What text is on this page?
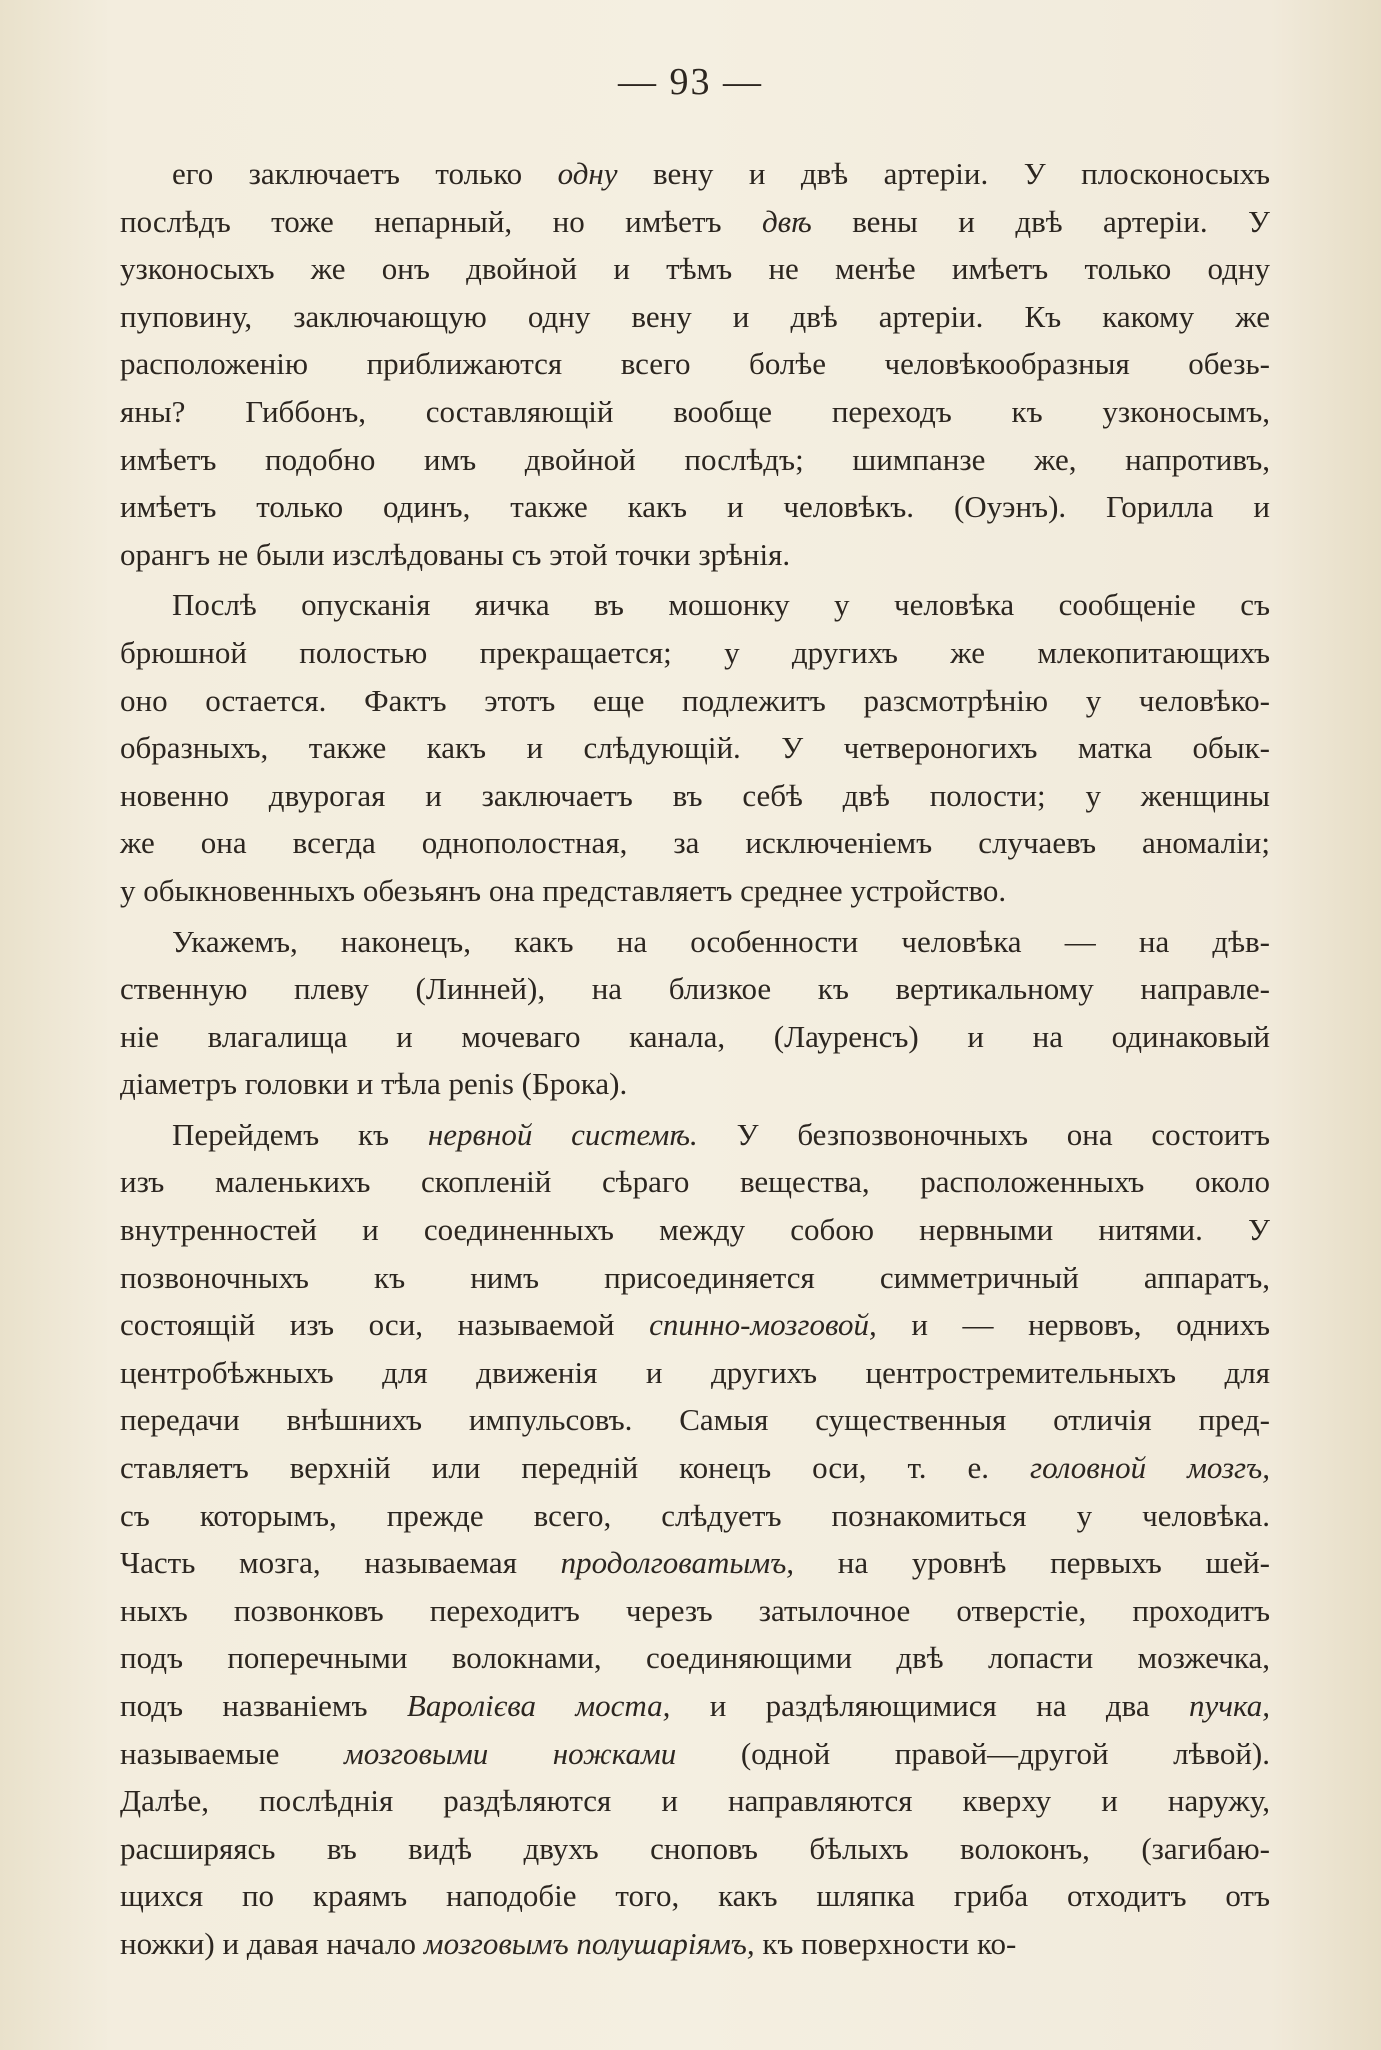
— 93 —
его заключаетъ только одну вену и двѣ артеріи. У плосконосыхъ
послѣдъ тоже непарный, но имѣетъ двѣ вены и двѣ артеріи. У
узконосыхъ же онъ двойной и тѣмъ не менѣе имѣетъ только одну
пуповину, заключающую одну вену и двѣ артеріи. Къ какому же
расположенію приближаются всего болѣе человѣкообразныя обезь-
яны? Гиббонъ, составляющій вообще переходъ къ узконосымъ,
имѣетъ подобно имъ двойной послѣдъ; шимпанзе же, напротивъ,
имѣетъ только одинъ, также какъ и человѣкъ. (Оуэнъ). Горилла и
орангъ не были изслѣдованы съ этой точки зрѣнія.
Послѣ опусканія яичка въ мошонку у человѣка сообщеніе съ
брюшной полостью прекращается; у другихъ же млекопитающихъ
оно остается. Фактъ этотъ еще подлежитъ разсмотрѣнію у человѣко-
образныхъ, также какъ и слѣдующій. У четвероногихъ матка обык-
новенно двурогая и заключаетъ въ себѣ двѣ полости; у женщины
же она всегда однополостная, за исключеніемъ случаевъ аномаліи;
у обыкновенныхъ обезьянъ она представляетъ среднее устройство.
Укажемъ, наконецъ, какъ на особенности человѣка — на дѣв-
ственную плеву (Линней), на близкое къ вертикальному направле-
ніе влагалища и мочеваго канала, (Лауренсъ) и на одинаковый
діаметръ головки и тѣла penis (Брока).
Перейдемъ къ нервной системѣ. У безпозвоночныхъ она состоитъ
изъ маленькихъ скопленій сѣраго вещества, расположенныхъ около
внутренностей и соединенныхъ между собою нервными нитями. У
позвоночныхъ къ нимъ присоединяется симметричный аппаратъ,
состоящій изъ оси, называемой спинно-мозговой, и — нервовъ, однихъ
центробѣжныхъ для движенія и другихъ центростремительныхъ для
передачи внѣшнихъ импульсовъ. Самыя существенныя отличія пред-
ставляетъ верхній или передній конецъ оси, т. е. головной мозгъ,
съ которымъ, прежде всего, слѣдуетъ познакомиться у человѣка.
Часть мозга, называемая продолговатымъ, на уровнѣ первыхъ шей-
ныхъ позвонковъ переходитъ черезъ затылочное отверстіе, проходитъ
подъ поперечными волокнами, соединяющими двѣ лопасти мозжечка,
подъ названіемъ Варолієва моста, и раздѣляющимися на два пучка,
называемые мозговыми ножками (одной правой—другой лѣвой).
Далѣе, послѣднія раздѣляются и направляются кверху и наружу,
расширяясь въ видѣ двухъ сноповъ бѣлыхъ волоконъ, (загибаю-
щихся по краямъ наподобіе того, какъ шляпка гриба отходитъ отъ
ножки) и давая начало мозговымъ полушаріямъ, къ поверхности ко-
